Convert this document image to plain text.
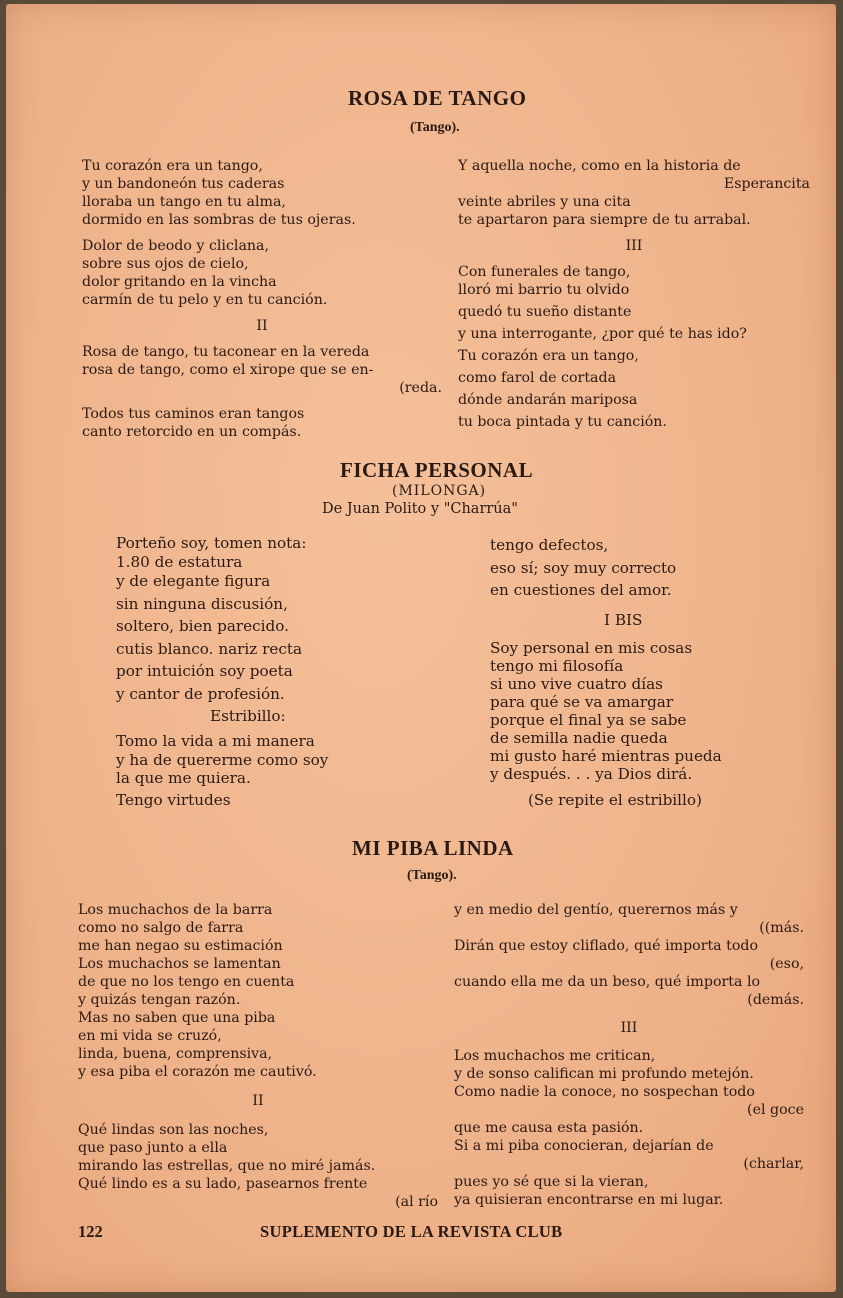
ROSA DE TANGO
(Tango).
Tu corazón era un tango,
y un bandoneón tus caderas
lloraba un tango en tu alma,
dormido en las sombras de tus ojeras.
Dolor de beodo y cliclana,
sobre sus ojos de cielo,
dolor gritando en la vincha
carmín de tu pelo y en tu canción.
II
Rosa de tango, tu taconear en la vereda
rosa de tango, como el xirope que se en-
(reda.
Todos tus caminos eran tangos
canto retorcido en un compás.
Y aquella noche, como en la historia de
Esperancita
veinte abriles y una cita
te apartaron para siempre de tu arrabal.
III
Con funerales de tango,
lloró mi barrio tu olvido
quedó tu sueño distante
y una interrogante, ¿por qué te has ido?
Tu corazón era un tango,
como farol de cortada
dónde andarán mariposa
tu boca pintada y tu canción.
FICHA PERSONAL
(MILONGA)
De Juan Polito y "Charrúa"
Porteño soy, tomen nota:
1.80 de estatura
y de elegante figura
sin ninguna discusión,
soltero, bien parecido.
cutis blanco. nariz recta
por intuición soy poeta
y cantor de profesión.
Estribillo:
Tomo la vida a mi manera
y ha de quererme como soy
la que me quiera.
Tengo virtudes
tengo defectos,
eso sí; soy muy correcto
en cuestiones del amor.
I BIS
Soy personal en mis cosas
tengo mi filosofía
si uno vive cuatro días
para qué se va amargar
porque el final ya se sabe
de semilla nadie queda
mi gusto haré mientras pueda
y después. . . ya Dios dirá.
(Se repite el estribillo)
MI PIBA LINDA
(Tango).
Los muchachos de la barra
como no salgo de farra
me han negao su estimación
Los muchachos se lamentan
de que no los tengo en cuenta
y quizás tengan razón.
Mas no saben que una piba
en mi vida se cruzó,
linda, buena, comprensiva,
y esa piba el corazón me cautivó.
II
Qué lindas son las noches,
que paso junto a ella
mirando las estrellas, que no miré jamás.
Qué lindo es a su lado, pasearnos frente
(al río
y en medio del gentío, querernos más y
((más.
Dirán que estoy cliflado, qué importa todo
(eso,
cuando ella me da un beso, qué importa lo
(demás.
III
Los muchachos me critican,
y de sonso califican mi profundo metejón.
Como nadie la conoce, no sospechan todo
(el goce
que me causa esta pasión.
Si a mi piba conocieran, dejarían de
(charlar,
pues yo sé que si la vieran,
ya quisieran encontrarse en mi lugar.
122	SUPLEMENTO DE LA REVISTA CLUB
